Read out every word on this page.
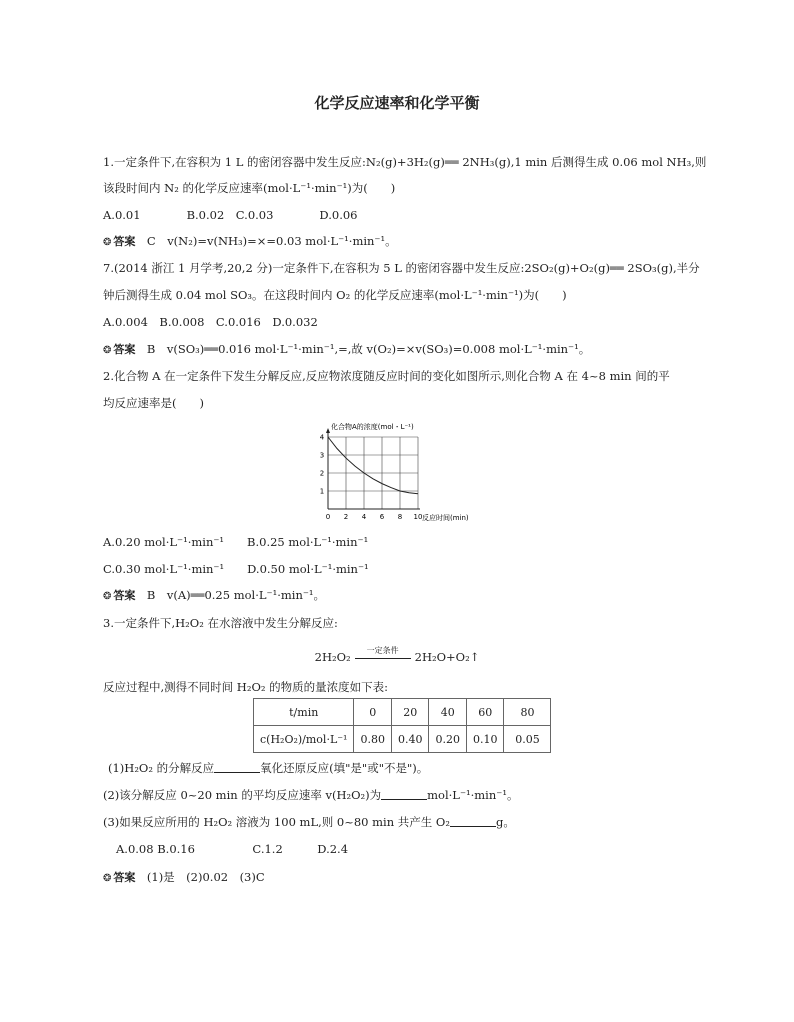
化学反应速率和化学平衡
1.一定条件下,在容积为 1 L 的密闭容器中发生反应:N₂(g)+3H₂(g)══ 2NH₃(g),1 min 后测得生成 0.06 mol NH₃,则
该段时间内 N₂ 的化学反应速率(mol·L⁻¹·min⁻¹)为(　　)
A.0.01　　　　B.0.02　C.0.03　　　　D.0.06
❂ 答案　 C　v(N₂)=v(NH₃)=×=0.03 mol·L⁻¹·min⁻¹。
7.(2014 浙江 1 月学考,20,2 分)一定条件下,在容积为 5 L 的密闭容器中发生反应:2SO₂(g)+O₂(g)══ 2SO₃(g),半分
钟后测得生成 0.04 mol SO₃。在这段时间内 O₂ 的化学反应速率(mol·L⁻¹·min⁻¹)为(　　)
A.0.004　B.0.008　C.0.016　D.0.032
❂ 答案　 B　v(SO₃)══0.016 mol·L⁻¹·min⁻¹,=,故 v(O₂)=×v(SO₃)=0.008 mol·L⁻¹·min⁻¹。
2.化合物 A 在一定条件下发生分解反应,反应物浓度随反应时间的变化如图所示,则化合物 A 在 4~8 min 间的平
均反应速率是(　　)
0 2 4 6 8 10
1
2
3
4
化合物A的浓度(mol・L⁻¹)
反应时间(min)
A.0.20 mol·L⁻¹·min⁻¹　　B.0.25 mol·L⁻¹·min⁻¹
C.0.30 mol·L⁻¹·min⁻¹　　D.0.50 mol·L⁻¹·min⁻¹
❂ 答案　 B　v(A)══0.25 mol·L⁻¹·min⁻¹。
3.一定条件下,H₂O₂ 在水溶液中发生分解反应:
2H₂O₂	一定条件	2H₂O+O₂↑
反应过程中,测得不同时间 H₂O₂ 的物质的量浓度如下表:
t/min	0	20	40	60	80
c(H₂O₂)/mol·L⁻¹	0.80	0.40	0.20	0.10	0.05
(1)H₂O₂ 的分解反应	氧化还原反应(填"是"或"不是")。
(2)该分解反应 0~20 min 的平均反应速率 v(H₂O₂)为	mol·L⁻¹·min⁻¹。
(3)如果反应所用的 H₂O₂ 溶液为 100 mL,则 0~80 min 共产生 O₂	g。
A.0.08 B.0.16　　　　　C.1.2　　　D.2.4
❂ 答案　 (1)是　(2)0.02　(3)C
